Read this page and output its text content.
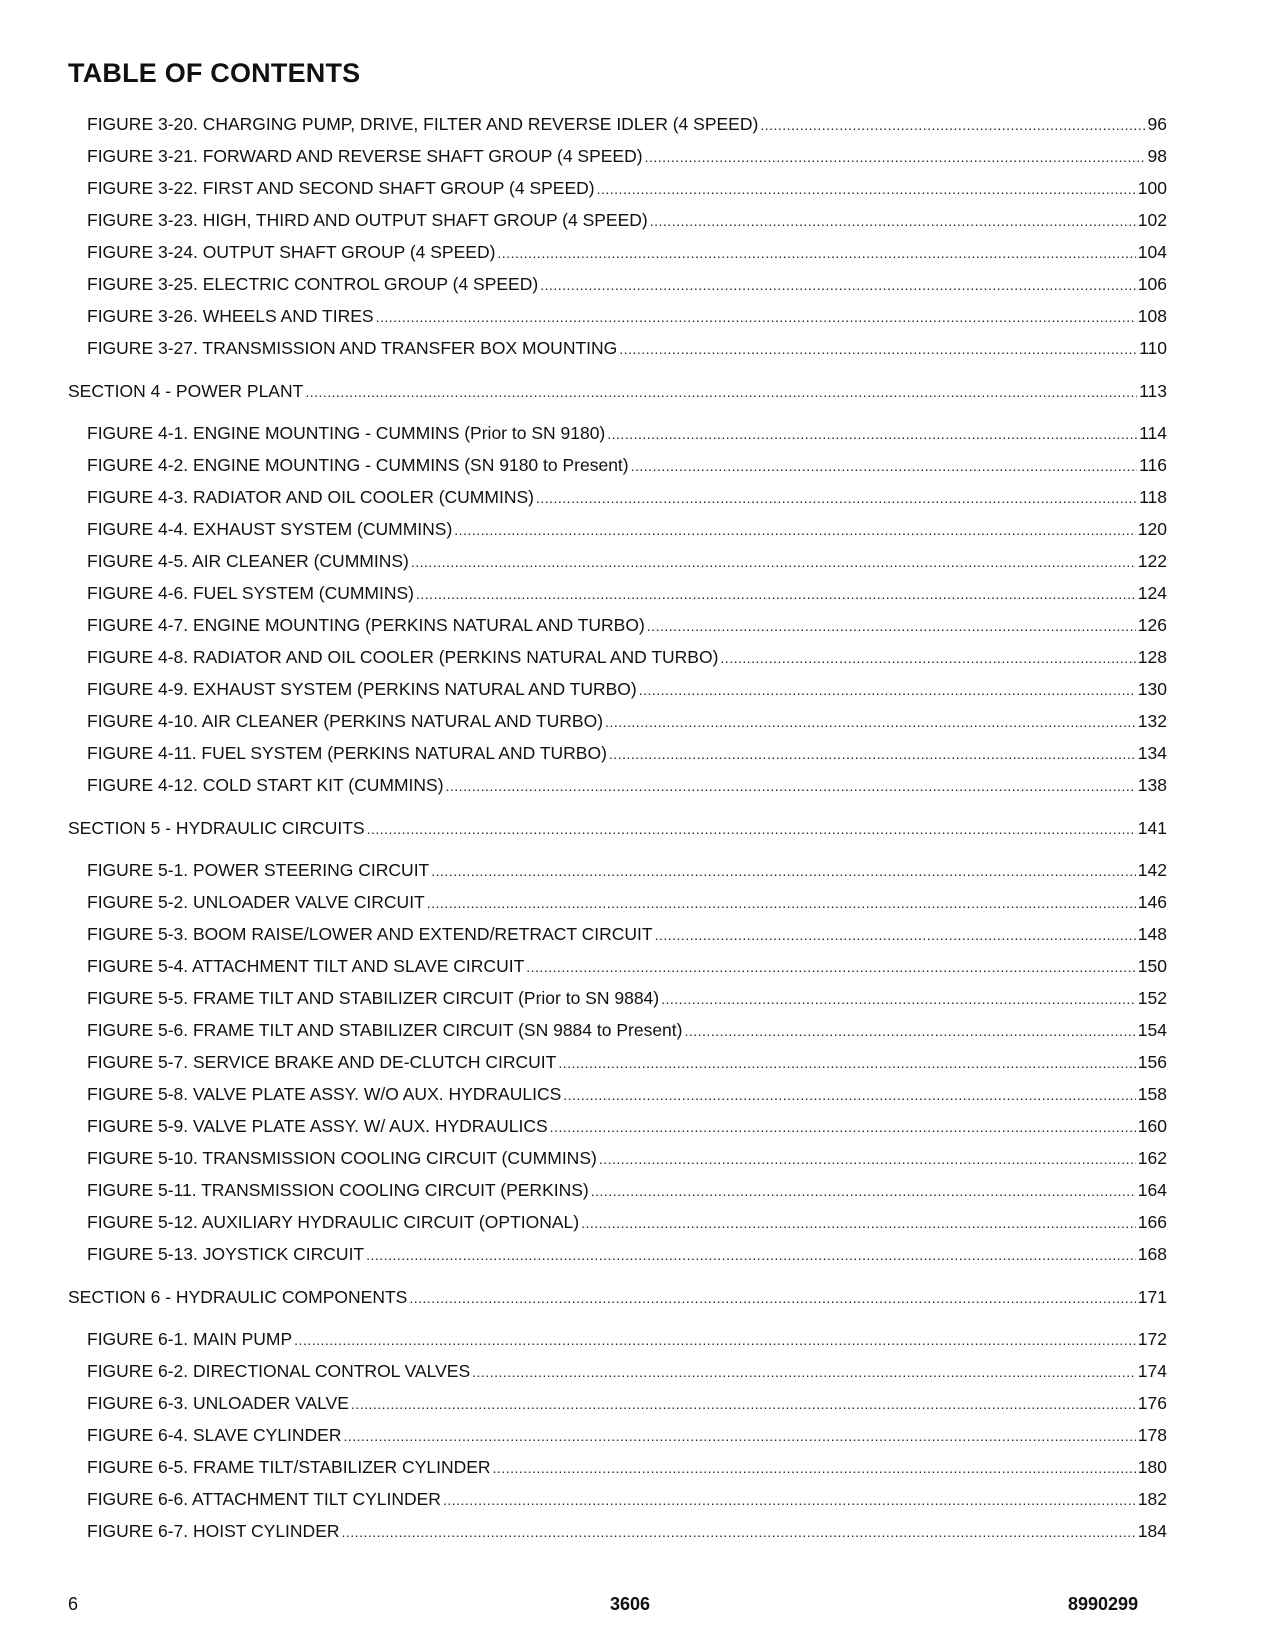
TABLE OF CONTENTS
FIGURE 3-20. CHARGING PUMP, DRIVE, FILTER AND REVERSE IDLER (4 SPEED) .....	96
FIGURE 3-21. FORWARD AND REVERSE SHAFT GROUP (4 SPEED) .....	98
FIGURE 3-22. FIRST AND SECOND SHAFT GROUP (4 SPEED) .....	100
FIGURE 3-23. HIGH, THIRD AND OUTPUT SHAFT GROUP (4 SPEED) .....	102
FIGURE 3-24. OUTPUT SHAFT GROUP (4 SPEED) .....	104
FIGURE 3-25. ELECTRIC CONTROL GROUP (4 SPEED) .....	106
FIGURE 3-26. WHEELS AND TIRES .....	108
FIGURE 3-27. TRANSMISSION AND TRANSFER BOX MOUNTING .....	110
SECTION 4 - POWER PLANT .....	113
FIGURE 4-1. ENGINE MOUNTING - CUMMINS (Prior to SN 9180) .....	114
FIGURE 4-2. ENGINE MOUNTING - CUMMINS (SN 9180 to Present) .....	116
FIGURE 4-3. RADIATOR AND OIL COOLER (CUMMINS) .....	118
FIGURE 4-4. EXHAUST SYSTEM (CUMMINS) .....	120
FIGURE 4-5. AIR CLEANER (CUMMINS) .....	122
FIGURE 4-6. FUEL SYSTEM (CUMMINS) .....	124
FIGURE 4-7. ENGINE MOUNTING (PERKINS NATURAL AND TURBO) .....	126
FIGURE 4-8. RADIATOR AND OIL COOLER (PERKINS NATURAL AND TURBO) .....	128
FIGURE 4-9. EXHAUST SYSTEM (PERKINS NATURAL AND TURBO) .....	130
FIGURE 4-10. AIR CLEANER (PERKINS NATURAL AND TURBO) .....	132
FIGURE 4-11. FUEL SYSTEM (PERKINS NATURAL AND TURBO) .....	134
FIGURE 4-12. COLD START KIT (CUMMINS) .....	138
SECTION 5 - HYDRAULIC CIRCUITS .....	141
FIGURE 5-1. POWER STEERING CIRCUIT .....	142
FIGURE 5-2. UNLOADER VALVE CIRCUIT .....	146
FIGURE 5-3. BOOM RAISE/LOWER AND EXTEND/RETRACT CIRCUIT .....	148
FIGURE 5-4. ATTACHMENT TILT AND SLAVE CIRCUIT .....	150
FIGURE 5-5. FRAME TILT AND STABILIZER CIRCUIT (Prior to SN 9884) .....	152
FIGURE 5-6. FRAME TILT AND STABILIZER CIRCUIT (SN 9884 to Present) .....	154
FIGURE 5-7. SERVICE BRAKE AND DE-CLUTCH CIRCUIT .....	156
FIGURE 5-8. VALVE PLATE ASSY. W/O AUX. HYDRAULICS .....	158
FIGURE 5-9. VALVE PLATE ASSY. W/ AUX. HYDRAULICS .....	160
FIGURE 5-10. TRANSMISSION COOLING CIRCUIT (CUMMINS) .....	162
FIGURE 5-11. TRANSMISSION COOLING CIRCUIT (PERKINS) .....	164
FIGURE 5-12. AUXILIARY HYDRAULIC CIRCUIT (OPTIONAL) .....	166
FIGURE 5-13. JOYSTICK CIRCUIT .....	168
SECTION 6 - HYDRAULIC COMPONENTS .....	171
FIGURE 6-1. MAIN PUMP .....	172
FIGURE 6-2. DIRECTIONAL CONTROL VALVES .....	174
FIGURE 6-3. UNLOADER VALVE .....	176
FIGURE 6-4. SLAVE CYLINDER .....	178
FIGURE 6-5. FRAME TILT/STABILIZER CYLINDER .....	180
FIGURE 6-6. ATTACHMENT TILT CYLINDER .....	182
FIGURE 6-7. HOIST CYLINDER .....	184
6	3606	8990299
